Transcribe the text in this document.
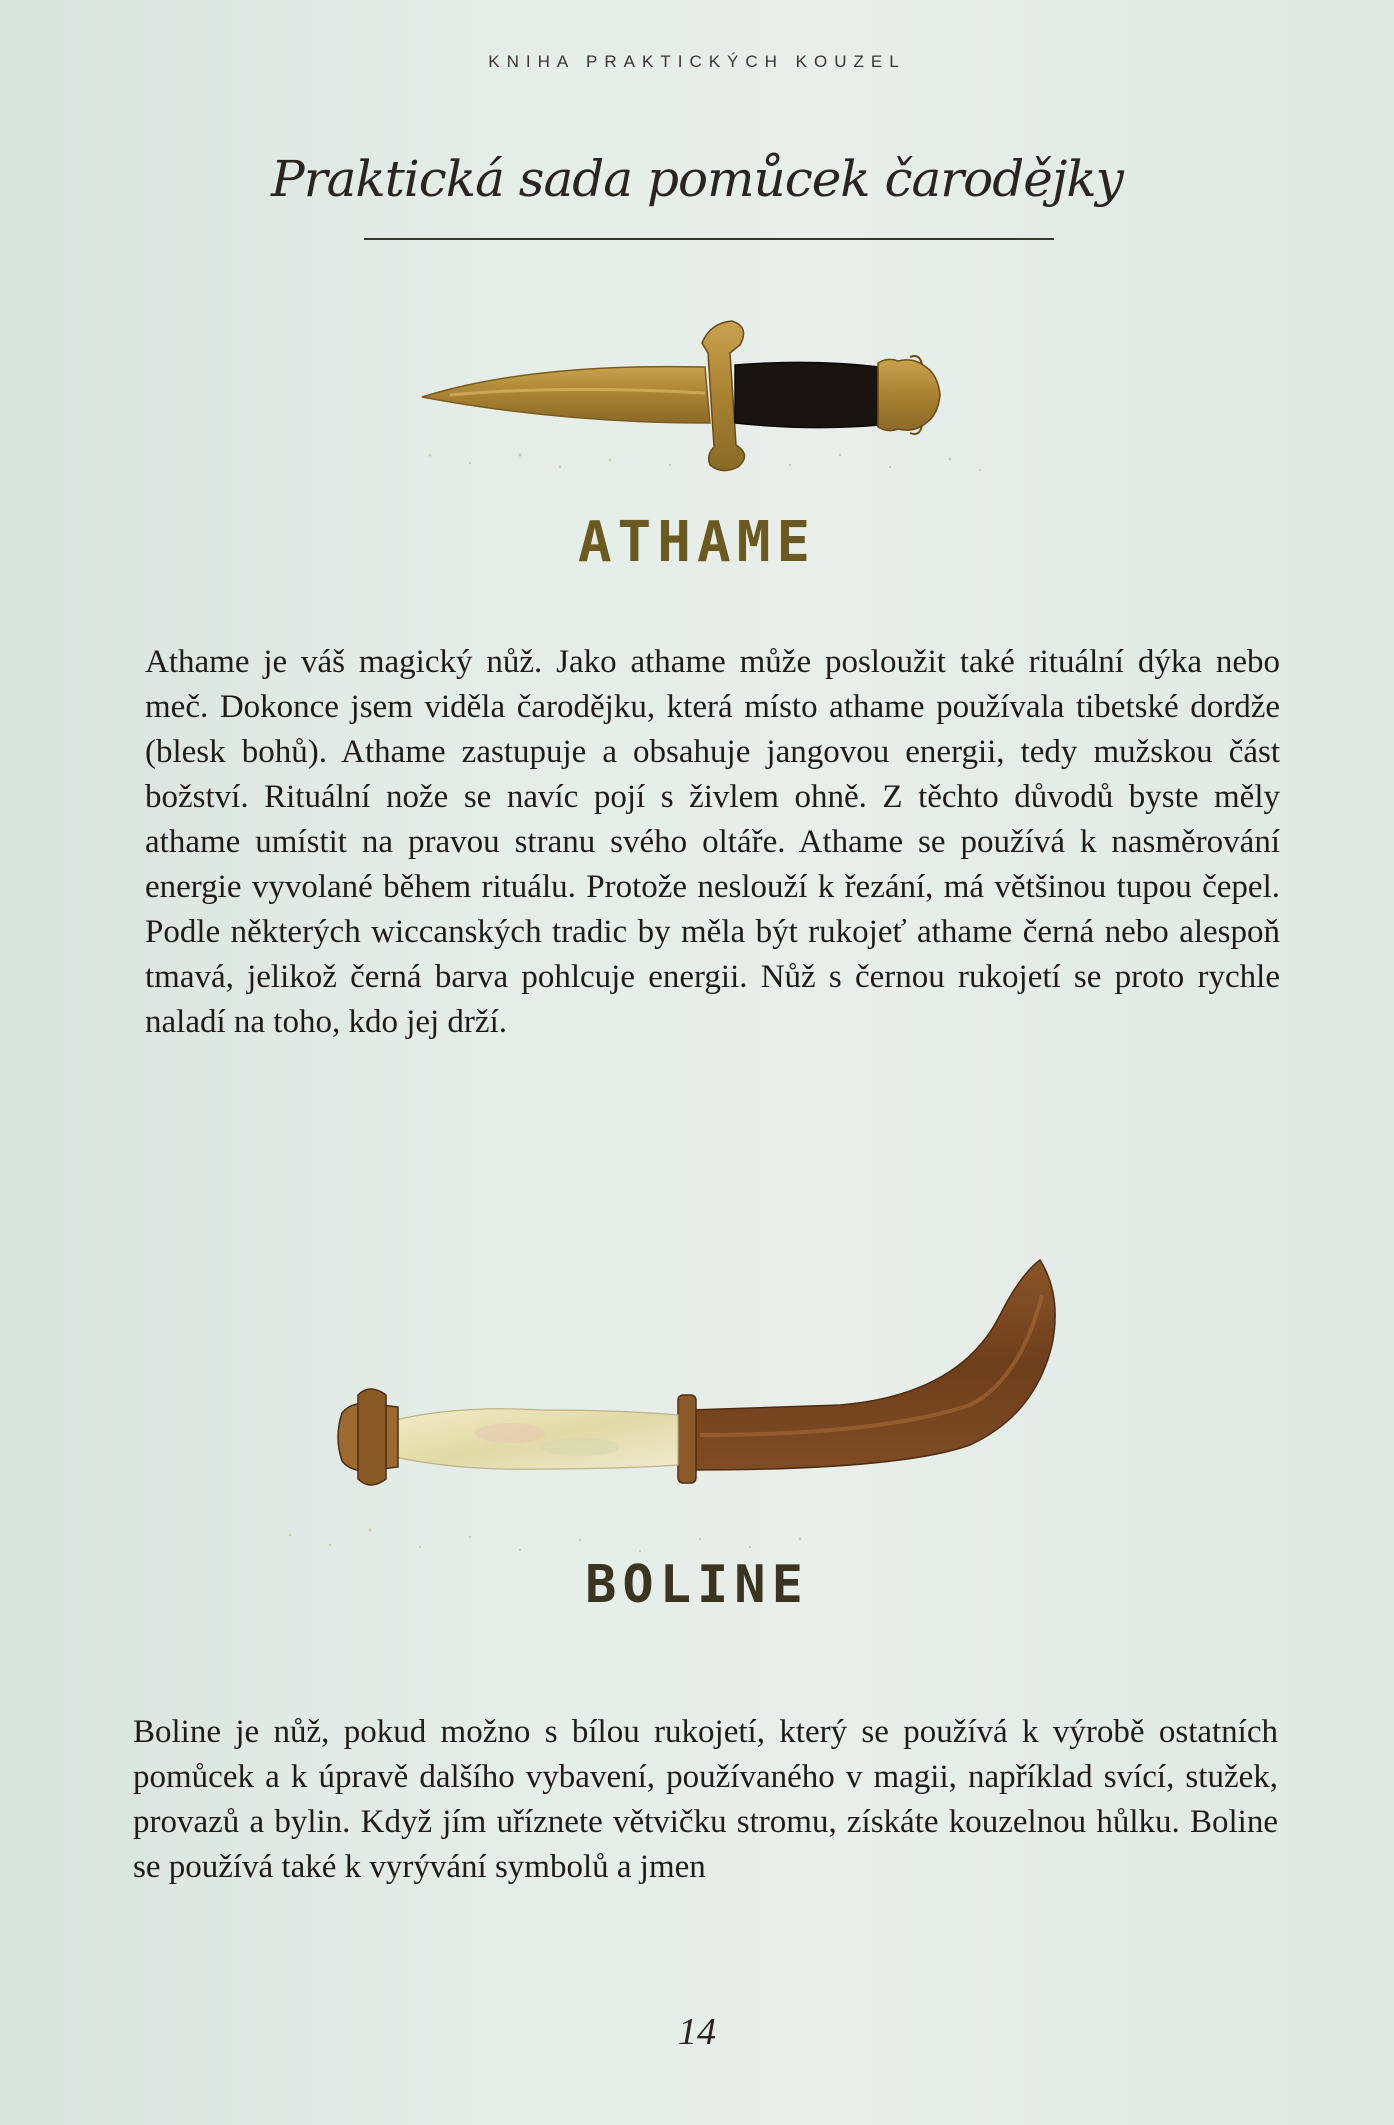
KNIHA PRAKTICKÝCH KOUZEL
Praktická sada pomůcek čarodějky
ATHAME
Athame je váš magický nůž. Jako athame může posloužit také rituální dýka nebo meč. Dokonce jsem viděla čarodějku, která místo athame používala tibetské dordže (blesk bohů). Athame zastupuje a obsahuje jangovou energii, tedy mužskou část božství. Rituální nože se navíc pojí s živlem ohně. Z těchto důvodů byste měly athame umístit na pravou stranu svého oltáře. Athame se používá k nasměrování energie vyvolané během rituálu. Protože neslouží k řezání, má většinou tupou čepel. Podle některých wiccanských tradic by měla být rukojeť athame černá nebo alespoň tmavá, jelikož černá barva pohlcuje energii. Nůž s černou rukojetí se proto rychle naladí na toho, kdo jej drží.
BOLINE
Boline je nůž, pokud možno s bílou rukojetí, který se používá k výrobě ostatních pomůcek a k úpravě dalšího vybavení, používaného v magii, například svící, stužek, provazů a bylin. Když jím uříznete větvičku stromu, získáte kouzelnou hůlku. Boline se používá také k vyrývání symbolů a jmen
14
